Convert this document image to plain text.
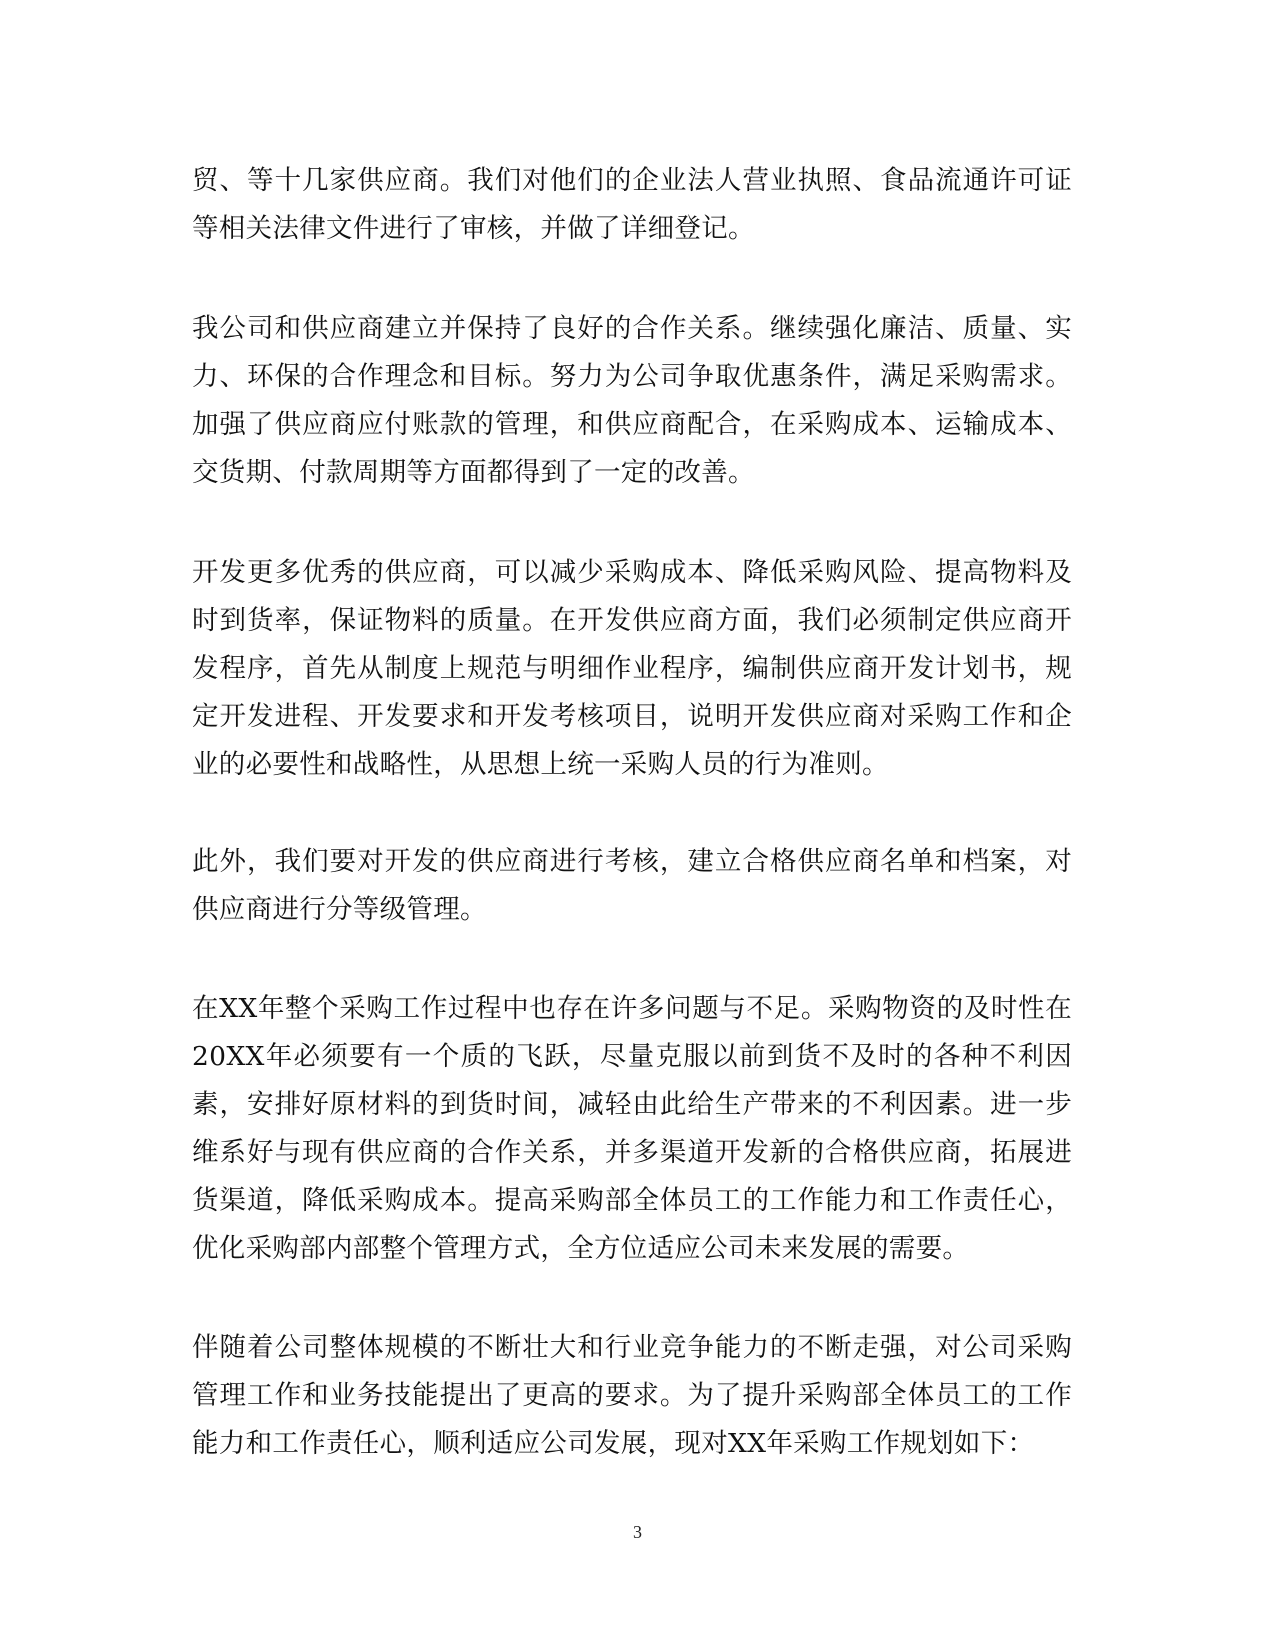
贸、等十几家供应商。我们对他们的企业法人营业执照、食品流通许可证等相关法律文件进行了审核，并做了详细登记。

我公司和供应商建立并保持了良好的合作关系。继续强化廉洁、质量、实力、环保的合作理念和目标。努力为公司争取优惠条件，满足采购需求。加强了供应商应付账款的管理，和供应商配合，在采购成本、运输成本、交货期、付款周期等方面都得到了一定的改善。

开发更多优秀的供应商，可以减少采购成本、降低采购风险、提高物料及时到货率，保证物料的质量。在开发供应商方面，我们必须制定供应商开发程序，首先从制度上规范与明细作业程序，编制供应商开发计划书，规定开发进程、开发要求和开发考核项目，说明开发供应商对采购工作和企业的必要性和战略性，从思想上统一采购人员的行为准则。

此外，我们要对开发的供应商进行考核，建立合格供应商名单和档案，对供应商进行分等级管理。

在XX年整个采购工作过程中也存在许多问题与不足。采购物资的及时性在20XX年必须要有一个质的飞跃，尽量克服以前到货不及时的各种不利因素，安排好原材料的到货时间，减轻由此给生产带来的不利因素。进一步维系好与现有供应商的合作关系，并多渠道开发新的合格供应商，拓展进货渠道，降低采购成本。提高采购部全体员工的工作能力和工作责任心，优化采购部内部整个管理方式，全方位适应公司未来发展的需要。

伴随着公司整体规模的不断壮大和行业竞争能力的不断走强，对公司采购管理工作和业务技能提出了更高的要求。为了提升采购部全体员工的工作能力和工作责任心，顺利适应公司发展，现对XX年采购工作规划如下：

3
